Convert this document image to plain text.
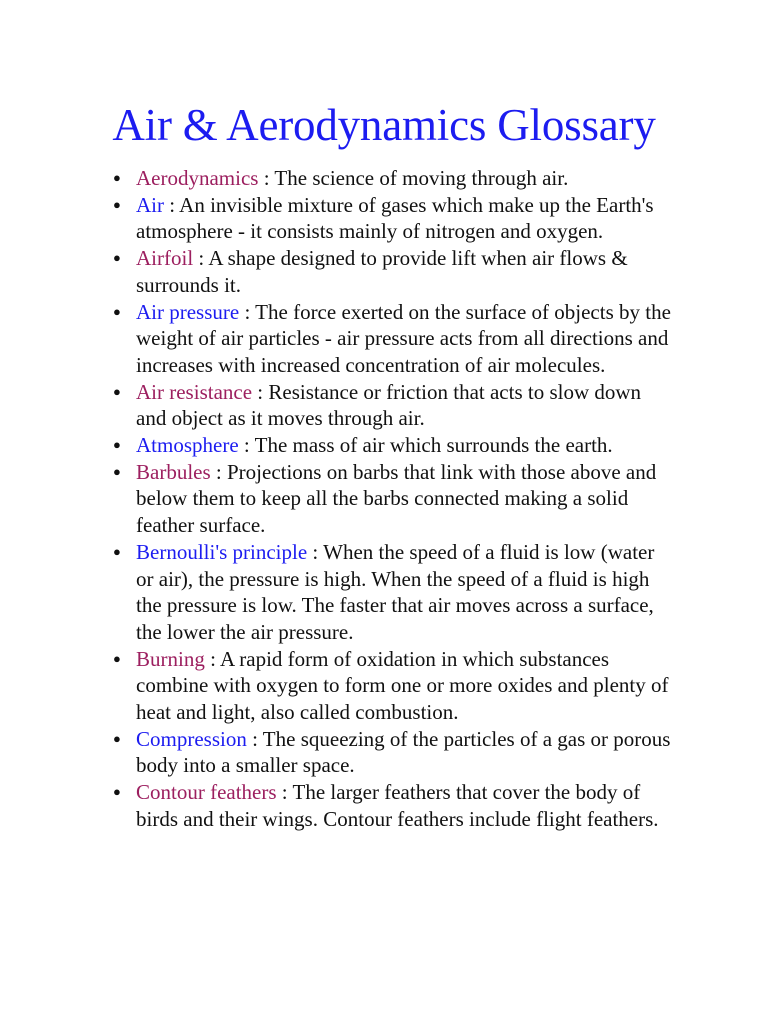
Air & Aerodynamics Glossary
● Aerodynamics : The science of moving through air.
● Air : An invisible mixture of gases which make up the Earth's atmosphere - it consists mainly of nitrogen and oxygen.
● Airfoil : A shape designed to provide lift when air flows & surrounds it.
● Air pressure : The force exerted on the surface of objects by the weight of air particles - air pressure acts from all directions and increases with increased concentration of air molecules.
● Air resistance : Resistance or friction that acts to slow down and object as it moves through air.
● Atmosphere : The mass of air which surrounds the earth.
● Barbules : Projections on barbs that link with those above and below them to keep all the barbs connected making a solid feather surface.
● Bernoulli's principle : When the speed of a fluid is low (water or air), the pressure is high. When the speed of a fluid is high the pressure is low. The faster that air moves across a surface, the lower the air pressure.
● Burning : A rapid form of oxidation in which substances combine with oxygen to form one or more oxides and plenty of heat and light, also called combustion.
● Compression : The squeezing of the particles of a gas or porous body into a smaller space.
● Contour feathers : The larger feathers that cover the body of birds and their wings. Contour feathers include flight feathers.
